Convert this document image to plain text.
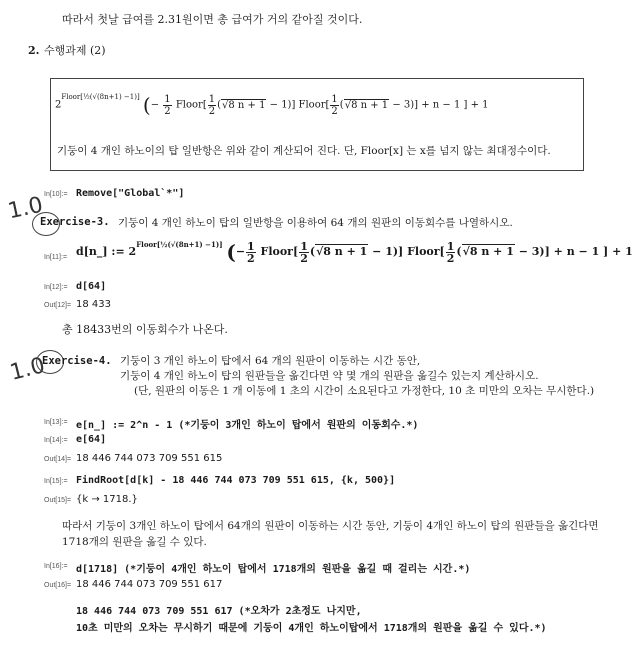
따라서 첫날 급여를 2.31원이면 총 급여가 거의 같아질 것이다.
2. 수행과제 (2)
$2^{Floor[\frac{1}{2}(√(8n+1) -1)]}$ (− $\frac{1}{2}$ Floor[ $\frac{1}{2} (√8$ n + 1 − 1)] Floor[ $\frac{1}{2} (√8$ n + 1 − 3)] + n − 1 ] + 1
기둥이 4 개인 하노이의 탑 일반항은 위와 같이 계산되어 진다. 단, Floor[x] 는 x를 넘지 않는 최대정수이다.
In[10]:= Remove["Global`*"]
1.0
Exercise-3. 기둥이 4 개인 하노이 탑의 일반항을 이용하여 64 개의 원판의 이동회수를 나열하시오.
In[11]:= d[n_] := $2^{Floor[\frac{1}{2}(√(8n+1) -1)]}$ (− $\frac{1}{2}$ Floor[ $\frac{1}{2} (√8$ n + 1 − 1)] Floor[ $\frac{1}{2} (√8$ n + 1 − 3)] + n − 1 ] + 1
In[12]:= d[64]
Out[12]= 18 433
총 18433번의 이동회수가 나온다.
1.0
Exercise-4. 기둥이 3 개인 하노이 탑에서 64 개의 원판이 이동하는 시간 동안,
기둥이 4 개인 하노이 탑의 원판들을 옮긴다면 약 몇 개의 원판을 옮길수 있는지 계산하시오.
(단, 원판의 이동은 1 개 이동에 1 초의 시간이 소요된다고 가정한다, 10 초 미만의 오차는 무시한다.)
In[13]:= e[n_] := 2^n - 1 (*기둥이 3개인 하노이 탑에서 원판의 이동회수.*)
In[14]:= e[64]
Out[14]= 18 446 744 073 709 551 615
In[15]:= FindRoot[d[k] - 18 446 744 073 709 551 615, {k, 500}]
Out[15]= {k → 1718.}
따라서 기둥이 3개인 하노이 탑에서 64개의 원판이 이동하는 시간 동안, 기둥이 4개인 하노이 탑의 원판들을 옮긴다면
1718개의 원판을 옮길 수 있다.
In[16]:= d[1718] (*기둥이 4개인 하노이 탑에서 1718개의 원판을 옮길 때 걸리는 시간.*)
Out[16]= 18 446 744 073 709 551 617
18 446 744 073 709 551 617 (*오차가 2초정도 나지만,
10초 미만의 오차는 무시하기 때문에 기둥이 4개인 하노이탑에서 1718개의 원판을 옮길 수 있다.*)
